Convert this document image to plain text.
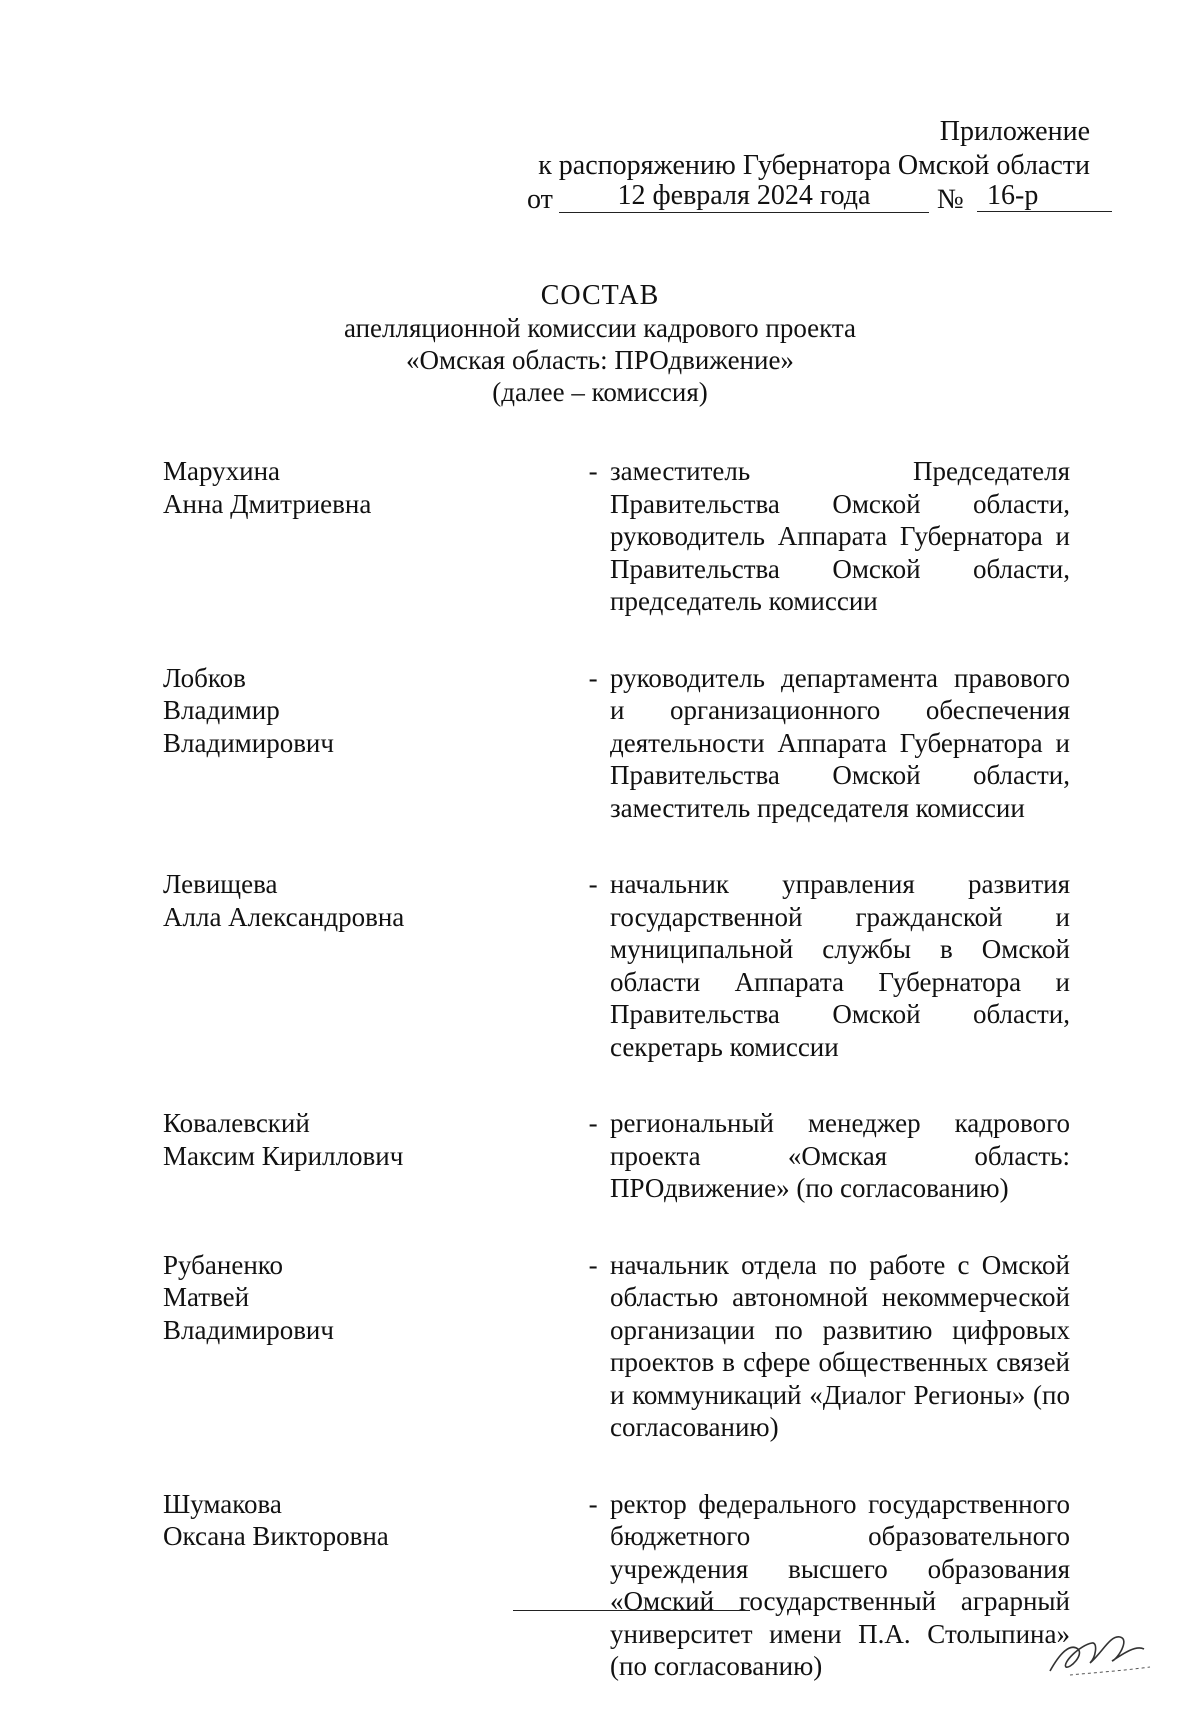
Приложение
к распоряжению Губернатора Омской области
от	12 февраля 2024 года	№ 16-р
СОСТАВ
апелляционной комиссии кадрового проекта
«Омская область: ПРОдвижение»
(далее – комиссия)
Марухина
Анна Дмитриевна
- заместитель Председателя Правительства Омской области, руководитель Аппарата Губернатора и Правительства Омской области, председатель комиссии
Лобков
Владимир
Владимирович
- руководитель департамента правового и организационного обеспечения деятельности Аппарата Губернатора и Правительства Омской области, заместитель председателя комиссии
Левищева
Алла Александровна
- начальник управления развития государственной гражданской и муниципальной службы в Омской области Аппарата Губернатора и Правительства Омской области, секретарь комиссии
Ковалевский
Максим Кириллович
- региональный менеджер кадрового проекта «Омская область: ПРОдвижение» (по согласованию)
Рубаненко
Матвей Владимирович
- начальник отдела по работе с Омской областью автономной некоммерческой организации по развитию цифровых проектов в сфере общественных связей и коммуникаций «Диалог Регионы» (по согласованию)
Шумакова
Оксана Викторовна
- ректор федерального государственного бюджетного образовательного учреждения высшего образования «Омский государственный аграрный университет имени П.А. Столыпина» (по согласованию)
